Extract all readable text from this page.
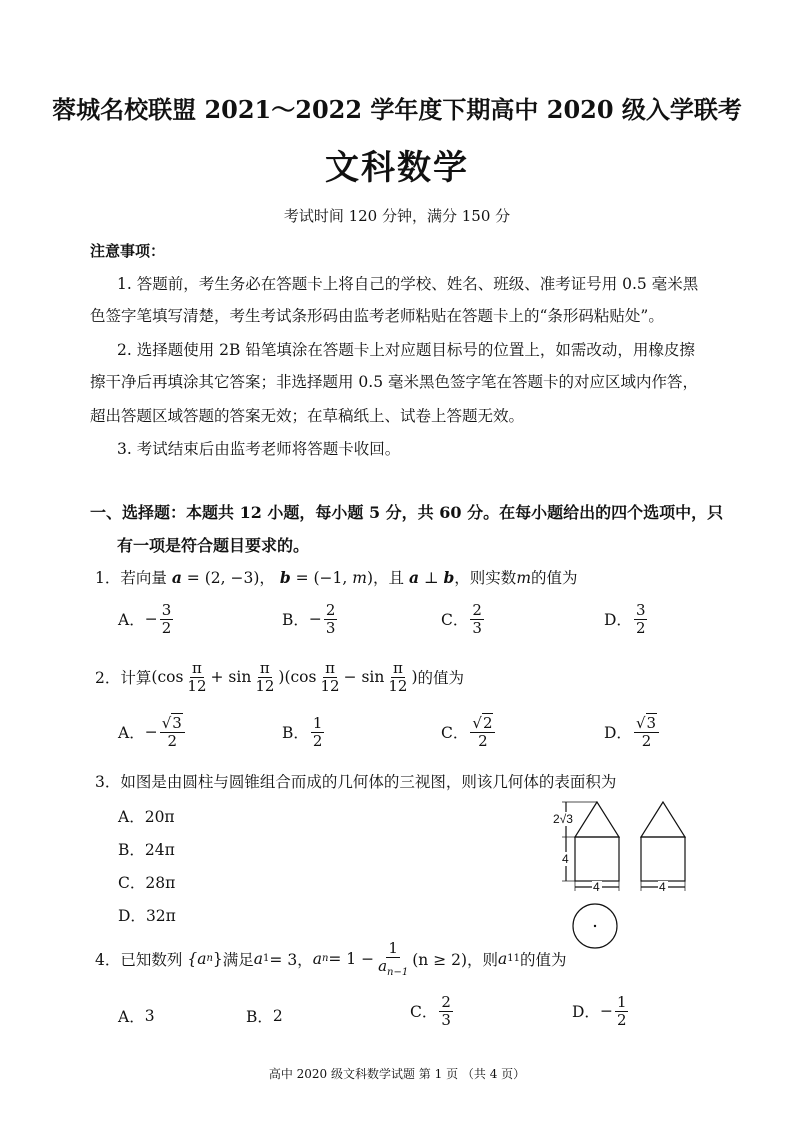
蓉城名校联盟 2021～2022 学年度下期高中 2020 级入学联考
文科数学
考试时间 120 分钟，满分 150 分
注意事项：
1. 答题前，考生务必在答题卡上将自己的学校、姓名、班级、准考证号用 0.5 毫米黑
色签字笔填写清楚，考生考试条形码由监考老师粘贴在答题卡上的“条形码粘贴处”。
2. 选择题使用 2B 铅笔填涂在答题卡上对应题目标号的位置上，如需改动，用橡皮擦
擦干净后再填涂其它答案；非选择题用 0.5 毫米黑色签字笔在答题卡的对应区域内作答，
超出答题区域答题的答案无效；在草稿纸上、试卷上答题无效。
3. 考试结束后由监考老师将答题卡收回。
一、选择题：本题共 12 小题，每小题 5 分，共 60 分。在每小题给出的四个选项中，只
有一项是符合题目要求的。
1．若向量 a = (2, −3)， b = (−1, m)，且 a ⊥ b，则实数m的值为
A． − $\frac{3}{2}$	B． − $\frac{2}{3}$	C． $\frac{2}{3}$	D． $\frac{3}{2}$
2． 计算 $(\cos \frac{\pi}{12} + \sin \frac{\pi}{12} )(\cos \frac{\pi}{12} - \sin \frac{\pi}{12}$ ) 的值为
A． − $\frac{√3}{2}$	B． $\frac{1}{2}$	C． $\frac{√2}{2}$	D． $\frac{√3}{2}$
3．如图是由圆柱与圆锥组合而成的几何体的三视图，则该几何体的表面积为
A．20π
B．24π
C．28π
D．32π
2√3
4
4	4
4． 已知数列
{a n } 满足 a 1 = 3， a $n = 1 - \frac{1}{a_{n-1}} (n \ge 2)$，则 a 11 的值为
A． 3	B． 2	C． $\frac{2}{3}$	D． − $\frac{1}{2}$
高中 2020 级文科数学试题 第 1 页 （共 4 页）
